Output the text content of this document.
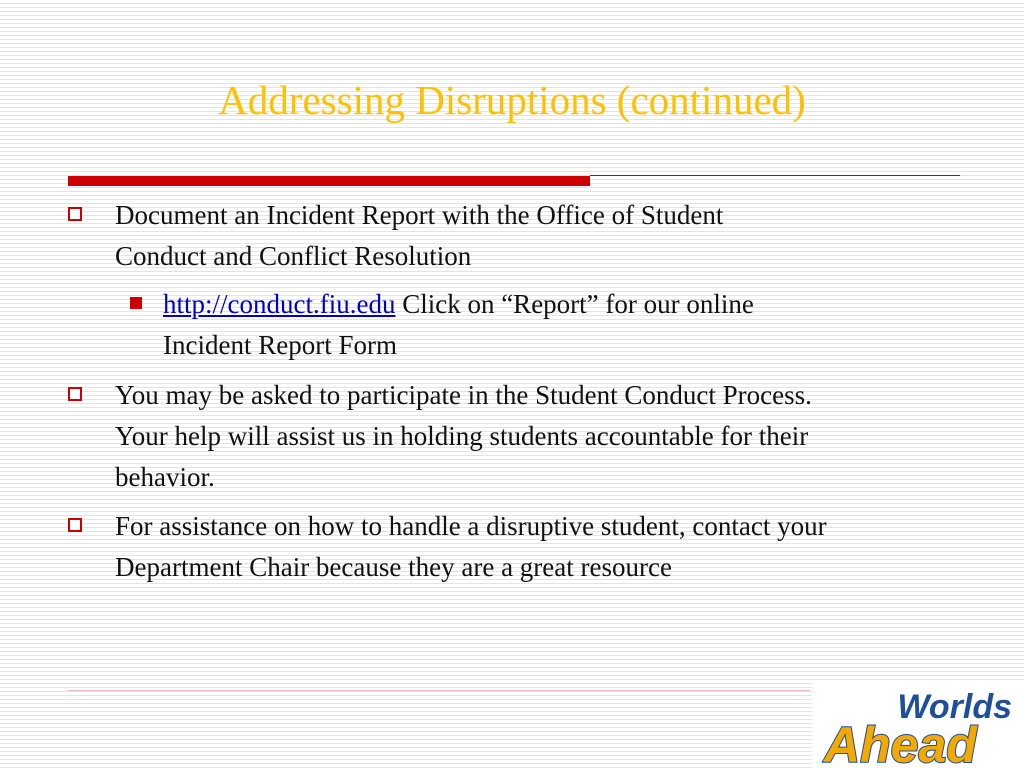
Addressing Disruptions (continued)
Document an Incident Report with the Office of Student
Conduct and Conflict Resolution
http://conduct.fiu.edu Click on “Report” for our online
Incident Report Form
You may be asked to participate in the Student Conduct Process.
Your help will assist us in holding students accountable for their
behavior.
For assistance on how to handle a disruptive student, contact your
Department Chair because they are a great resource
Worlds
Ahead
